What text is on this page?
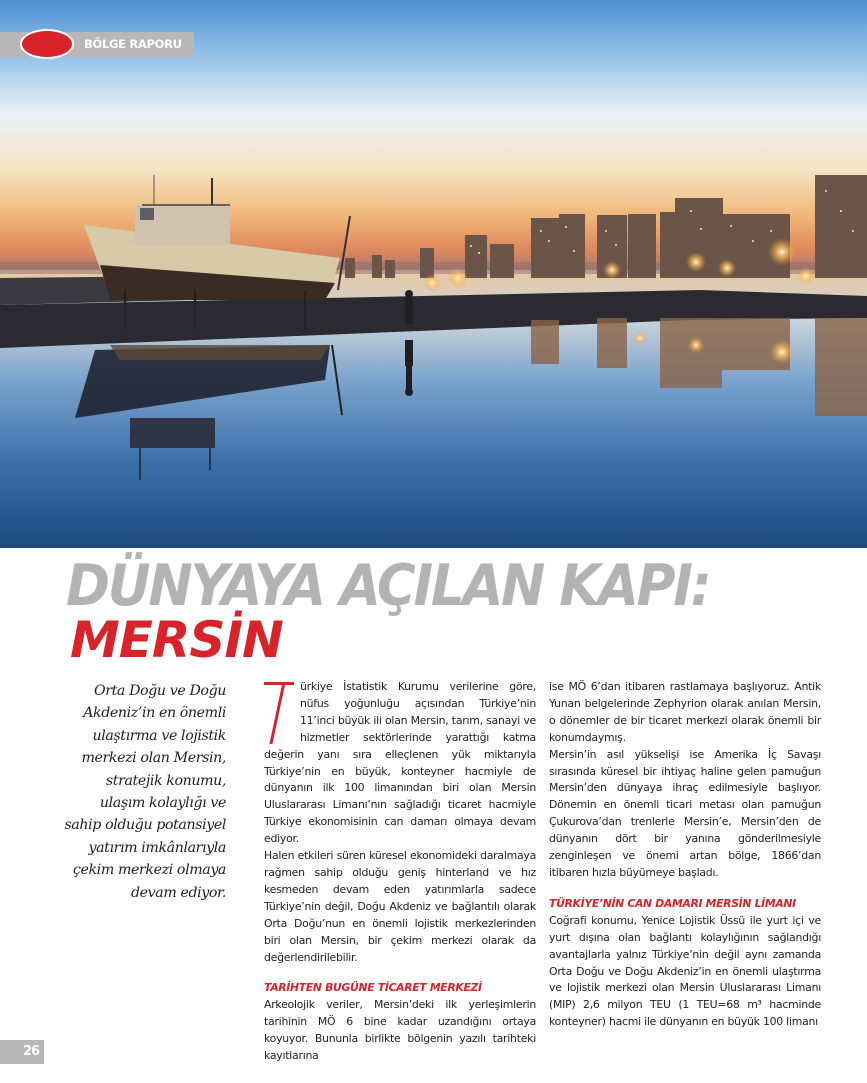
BÖLGE RAPORU
DÜNYAYA AÇILAN KAPI:
MERSİN
Orta Doğu ve Doğu Akdeniz’in en önemli ulaştırma ve lojistik merkezi olan Mersin, stratejik konumu, ulaşım kolaylığı ve sahip olduğu potansiyel yatırım imkânlarıyla çekim merkezi olmaya devam ediyor.

ürkiye İstatistik Kurumu verilerine göre, nüfus yoğunluğu açısından Türkiye’nin 11’inci büyük ili olan Mersin, tarım, sanayi ve hizmetler sektörlerinde yarattığı katma değerin yanı sıra elleçlenen yük miktarıyla Türkiye’nin en büyük, konteyner hacmiyle de dünyanın ilk 100 limanından biri olan Mersin Uluslararası Limanı’nın sağladığı ticaret hacmiyle Türkiye ekonomisinin can damarı olmaya devam ediyor.

Halen etkileri süren küresel ekonomideki daralmaya rağmen sahip olduğu geniş hinterland ve hız kesmeden devam eden yatırımlarla sadece Türkiye’nin değil, Doğu Akdeniz ve bağlantılı olarak Orta Doğu’nun en önemli lojistik merkezlerinden biri olan Mersin, bir çekim merkezi olarak da değerlendirilebilir.

TARİHTEN BUGÜNE TİCARET MERKEZİ

Arkeolojik veriler, Mersin’deki ilk yerleşimlerin tarihinin MÖ 6 bine kadar uzandığını ortaya koyuyor. Bununla birlikte bölgenin yazılı tarihteki kayıtlarına

ise MÖ 6’dan itibaren rastlamaya başlıyoruz. Antik Yunan belgelerinde Zephyrion olarak anılan Mersin, o dönemler de bir ticaret merkezi olarak önemli bir konumdaymış.

Mersin’in asıl yükselişi ise Amerika İç Savaşı sırasında küresel bir ihtiyaç haline gelen pamuğun Mersin’den dünyaya ihraç edilmesiyle başlıyor. Dönemin en önemli ticari metası olan pamuğun Çukurova’dan trenlerle Mersin’e, Mersin’den de dünyanın dört bir yanına gönderilmesiyle zenginleşen ve önemi artan bölge, 1866’dan itibaren hızla büyümeye başladı.

TÜRKİYE’NİN CAN DAMARI MERSİN LİMANI

Coğrafi konumu, Yenice Lojistik Üssü ile yurt içi ve yurt dışına olan bağlantı kolaylığının sağlandığı avantajlarla yalnız Türkiye’nin değil aynı zamanda Orta Doğu ve Doğu Akdeniz’in en önemli ulaştırma ve lojistik merkezi olan Mersin Uluslararası Limanı (MIP) 2,6 milyon TEU (1 TEU=68 m³ hacminde konteyner) hacmi ile dünyanın en büyük 100 limanı

26
